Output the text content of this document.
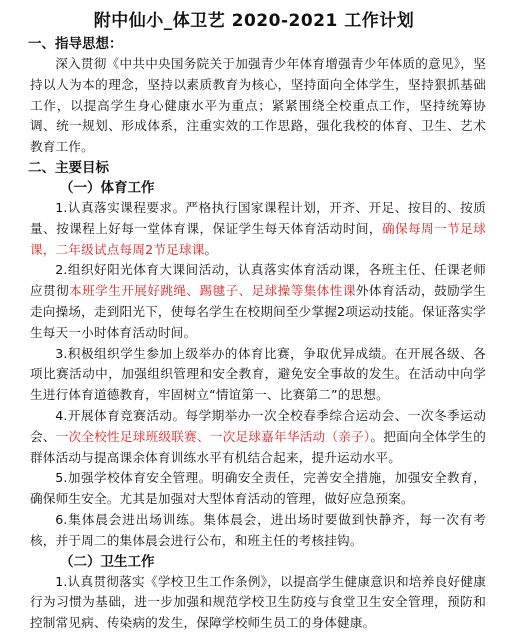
附中仙小_体卫艺 2020-2021 工作计划
一、指导思想：

深入贯彻《中共中央国务院关于加强青少年体育增强青少年体质的意见》，坚持以人为本的理念，坚持以素质教育为核心，坚持面向全体学生，坚持狠抓基础工作，以提高学生身心健康水平为重点；紧紧围绕全校重点工作，坚持统筹协调、统一规划、形成体系，注重实效的工作思路，强化我校的体育、卫生、艺术教育工作。

二、主要目标
（一）体育工作

1.认真落实课程要求。严格执行国家课程计划，开齐、开足、按目的、按质量、按课程上好每一堂体育课，保证学生每天体育活动时间，确保每周一节足球课，二年级试点每周2节足球课。

2.组织好阳光体育大课间活动，认真落实体育活动课，各班主任、任课老师应贯彻本班学生开展好跳绳、踢毽子、足球操等集体性课外体育活动，鼓励学生走向操场，走到阳光下，使每名学生在校期间至少掌握2项运动技能。保证落实学生每天一小时体育活动时间。

3.积极组织学生参加上级举办的体育比赛，争取优异成绩。在开展各级、各项比赛活动中，加强组织管理和安全教育，避免安全事故的发生。在活动中向学生进行体育道德教育，牢固树立“情谊第一、比赛第二”的思想。

4.开展体育竞赛活动。每学期举办一次全校春季综合运动会、一次冬季运动会、一次全校性足球班级联赛、一次足球嘉年华活动（亲子）。把面向全体学生的群体活动与提高课余体育训练水平有机结合起来，提升运动水平。

5.加强学校体育安全管理。明确安全责任，完善安全措施，加强安全教育，确保师生安全。尤其是加强对大型体育活动的管理，做好应急预案。

6.集体晨会进出场训练。集体晨会，进出场时要做到快静齐，每一次有考核，并于周二的集体晨会进行公布，和班主任的考核挂钩。

（二）卫生工作

1.认真贯彻落实《学校卫生工作条例》，以提高学生健康意识和培养良好健康行为习惯为基础，进一步加强和规范学校卫生防疫与食堂卫生安全管理，预防和控制常见病、传染病的发生，保障学校师生员工的身体健康。
